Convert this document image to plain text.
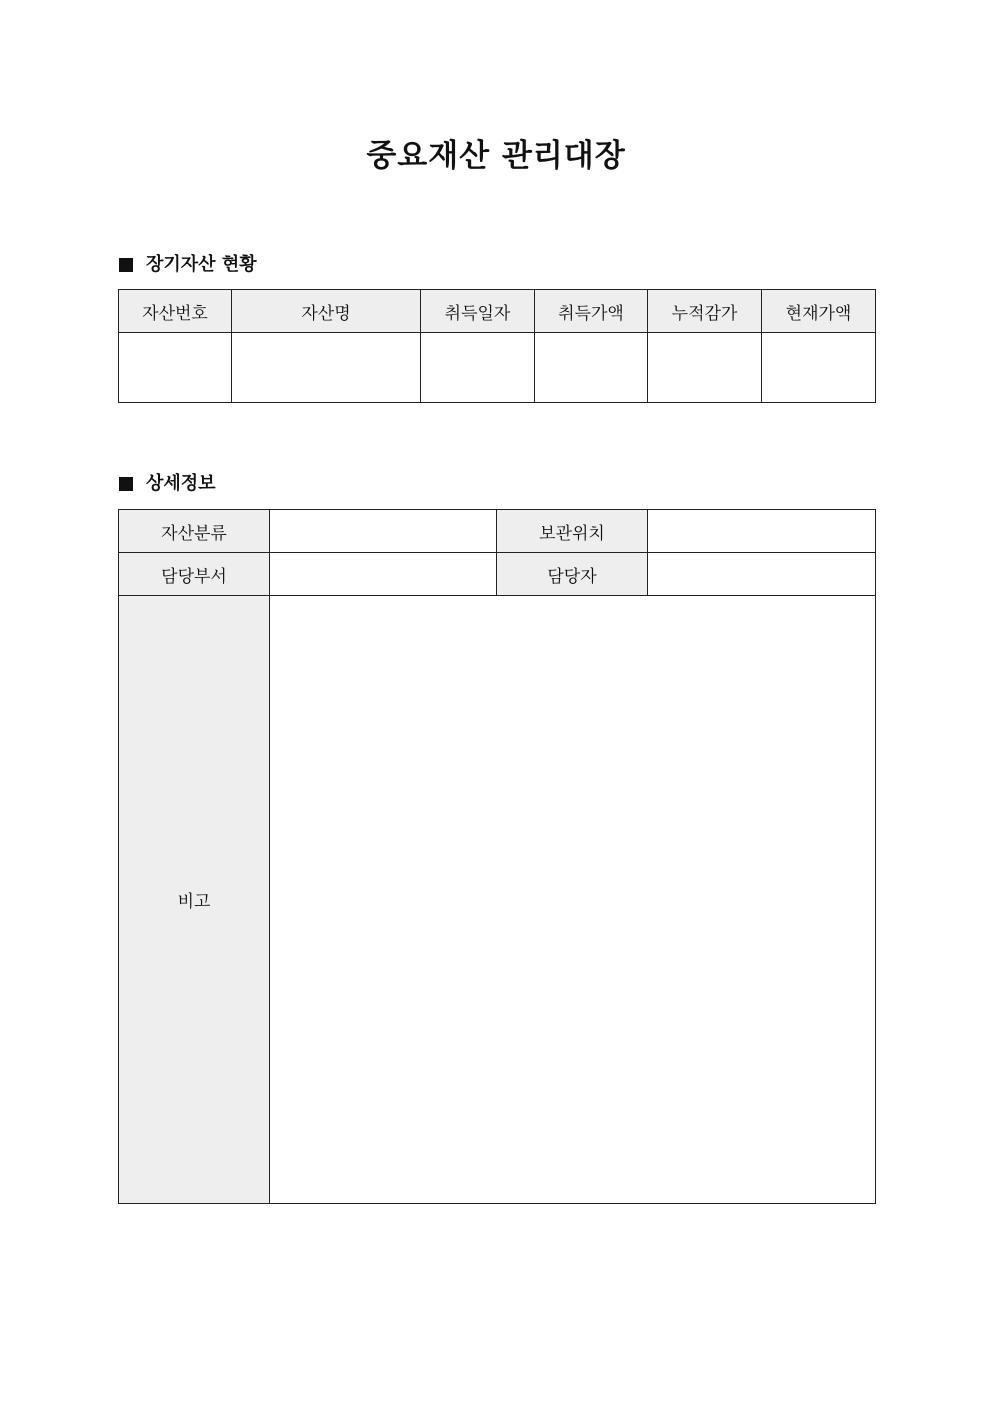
중요재산 관리대장
장기자산 현황
자산번호	자산명	취득일자	취득가액	누적감가	현재가액

상세정보
자산분류		보관위치	
담당부서		담당자	
비고			
